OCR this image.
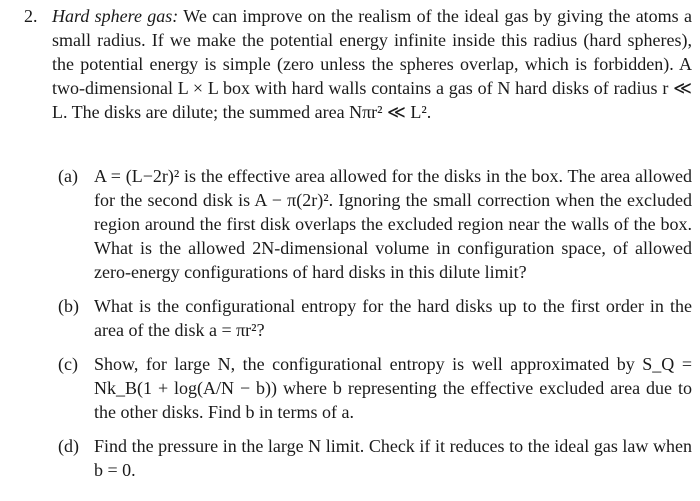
2. Hard sphere gas: We can improve on the realism of the ideal gas by giving the atoms a small radius. If we make the potential energy infinite inside this radius (hard spheres), the potential energy is simple (zero unless the spheres overlap, which is forbidden). A two-dimensional L × L box with hard walls contains a gas of N hard disks of radius r ≪ L. The disks are dilute; the summed area Nπr² ≪ L².
(a) A = (L−2r)² is the effective area allowed for the disks in the box. The area allowed for the second disk is A − π(2r)². Ignoring the small correction when the excluded region around the first disk overlaps the excluded region near the walls of the box. What is the allowed 2N-dimensional volume in configuration space, of allowed zero-energy configurations of hard disks in this dilute limit?
(b) What is the configurational entropy for the hard disks up to the first order in the area of the disk a = πr²?
(c) Show, for large N, the configurational entropy is well approximated by S_Q = Nk_B(1 + log(A/N − b)) where b representing the effective excluded area due to the other disks. Find b in terms of a.
(d) Find the pressure in the large N limit. Check if it reduces to the ideal gas law when b = 0.
